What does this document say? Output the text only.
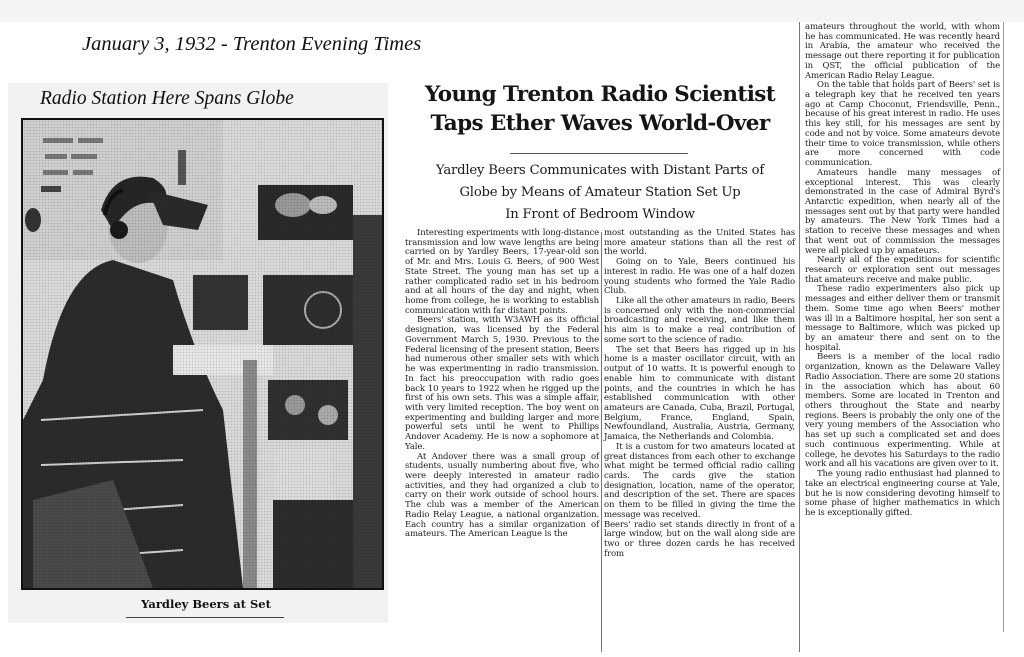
January 3, 1932 - Trenton Evening Times
Radio Station Here Spans Globe
Yardley Beers at Set
Young Trenton Radio Scientist
Taps Ether Waves World-Over
Yardley Beers Communicates with Distant Parts of
Globe by Means of Amateur Station Set Up
In Front of Bedroom Window

Interesting experiments with long-distance transmission and low wave lengths are being carried on by Yardley Beers, 17-year-old son of Mr. and Mrs. Louis G. Beers, of 900 West State Street. The young man has set up a rather complicated radio set in his bedroom and at all hours of the day and night, when home from college, he is working to establish communication with far distant points.

Beers' station, with W3AWH as its official designation, was licensed by the Federal Government March 5, 1930. Previous to the Federal licensing of the present station, Beers had numerous other smaller sets with which he was experimenting in radio transmission. In fact his preoccupation with radio goes back 10 years to 1922 when he rigged up the first of his own sets. This was a simple affair, with very limited reception. The boy went on experimenting and building larger and more powerful sets until he went to Phillips Andover Academy. He is now a sophomore at Yale.

At Andover there was a small group of students, usually numbering about five, who were deeply interested in amateur radio activities, and they had organized a club to carry on their work outside of school hours. The club was a member of the American Radio Relay League, a national organization. Each country has a similar organization of amateurs. The American League is the

most outstanding as the United States has more amateur stations than all the rest of the world.

Going on to Yale, Beers continued his interest in radio. He was one of a half dozen young students who formed the Yale Radio Club.

Like all the other amateurs in radio, Beers is concerned only with the non-commercial broadcasting and receiving, and like them his aim is to make a real contribution of some sort to the science of radio.

The set that Beers has rigged up in his home is a master oscillator circuit, with an output of 10 watts. It is powerful enough to enable him to communicate with distant points, and the countries in which he has established communication with other amateurs are Canada, Cuba, Brazil, Portugal, Belgium, France, England, Spain, Newfoundland, Australia, Austria, Germany, Jamaica, the Netherlands and Colombia.

It is a custom for two amateurs located at great distances from each other to exchange what might be termed official radio calling cards. The cards give the station designation, location, name of the operator, and description of the set. There are spaces on them to be filled in giving the time the message was received.

Beers' radio set stands directly in front of a large window, but on the wall along side are two or three dozen cards he has received from

amateurs throughout the world, with whom he has communicated. He was recently heard in Arabia, the amateur who received the message out there reporting it for publication in QST, the official publication of the American Radio Relay League.

On the table that holds part of Beers' set is a telegraph key that he received ten years ago at Camp Choconut, Friendsville, Penn., because of his great interest in radio. He uses this key still, for his messages are sent by code and not by voice. Some amateurs devote their time to voice transmission, while others are more concerned with code communication.

Amateurs handle many messages of exceptional interest. This was clearly demonstrated in the case of Admiral Byrd's Antarctic expedition, when nearly all of the messages sent out by that party were handled by amateurs. The New York Times had a station to receive these messages and when that went out of commission the messages were all picked up by amateurs.

Nearly all of the expeditions for scientific research or exploration sent out messages that amateurs receive and make public.

These radio experimenters also pick up messages and either deliver them or transmit them. Some time ago when Beers' mother was ill in a Baltimore hospital, her son sent a message to Baltimore, which was picked up by an amateur there and sent on to the hospital.

Beers is a member of the local radio organization, known as the Delaware Valley Radio Association. There are some 20 stations in the association which has about 60 members. Some are located in Trenton and others throughout the State and nearby regions. Beers is probably the only one of the very young members of the Association who has set up such a complicated set and does such continuous experimenting. While at college, he devotes his Saturdays to the radio work and all his vacations are given over to it.

The young radio enthusiast had planned to take an electrical engineering course at Yale, but he is now considering devoting himself to some phase of higher mathematics in which he is exceptionally gifted.
